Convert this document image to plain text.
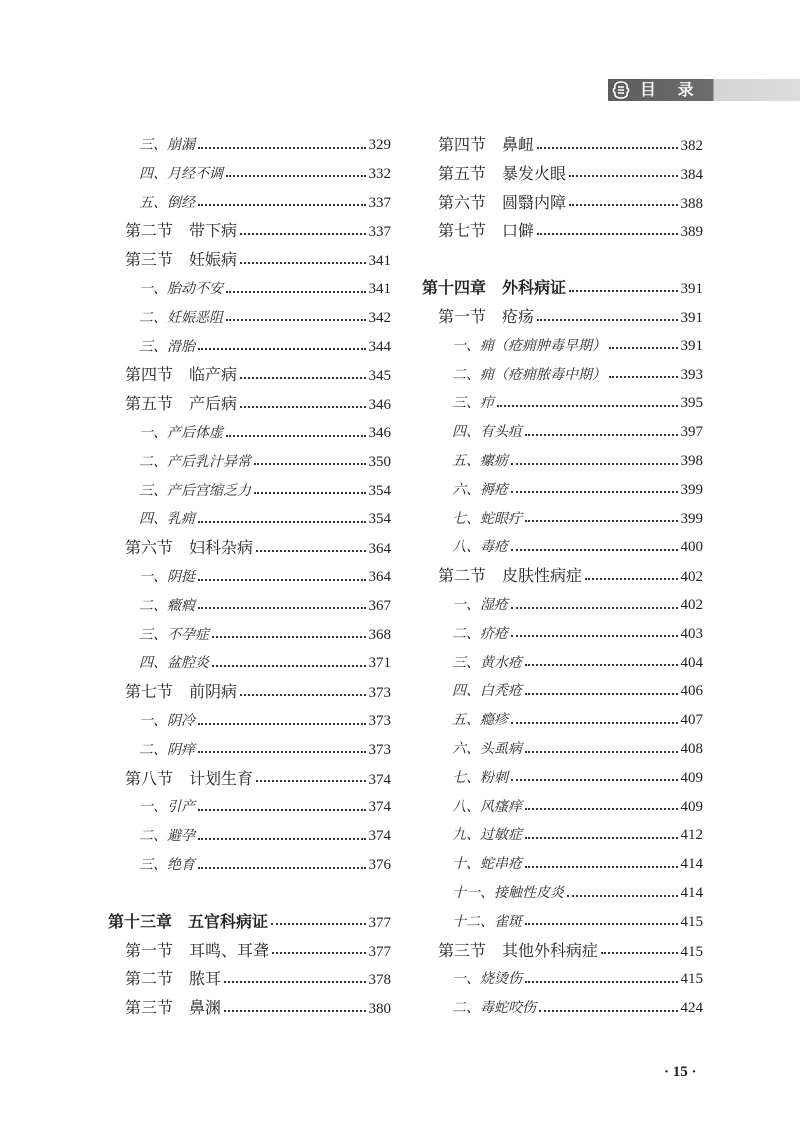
目 录
三、崩漏	329
四、月经不调	332
五、倒经	337
第二节　带下病	337
第三节　妊娠病	341
一、胎动不安	341
二、妊娠恶阻	342
三、滑胎	344
第四节　临产病	345
第五节　产后病	346
一、产后体虚	346
二、产后乳汁异常	350
三、产后宫缩乏力	354
四、乳痈	354
第六节　妇科杂病	364
一、阴挺	364
二、癥瘕	367
三、不孕症	368
四、盆腔炎	371
第七节　前阴病	373
一、阴冷	373
二、阴痒	373
第八节　计划生育	374
一、引产	374
二、避孕	374
三、绝育	376
第十三章　五官科病证	377
第一节　耳鸣、耳聋	377
第二节　脓耳	378
第三节　鼻渊	380
第四节　鼻衄	382
第五节　暴发火眼	384
第六节　圆翳内障	388
第七节　口僻	389
第十四章　外科病证	391
第一节　疮疡	391
一、痈（疮痈肿毒早期）	391
二、痈（疮痈脓毒中期）	393
三、疖	395
四、有头疽	397
五、瘰疬	398
六、褥疮	399
七、蛇眼疔	399
八、毒疮	400
第二节　皮肤性病症	402
一、湿疮	402
二、疥疮	403
三、黄水疮	404
四、白秃疮	406
五、瘾疹	407
六、头虱病	408
七、粉刺	409
八、风瘙痒	409
九、过敏症	412
十、蛇串疮	414
十一、接触性皮炎	414
十二、雀斑	415
第三节　其他外科病症	415
一、烧烫伤	415
二、毒蛇咬伤	424
· 15 ·
